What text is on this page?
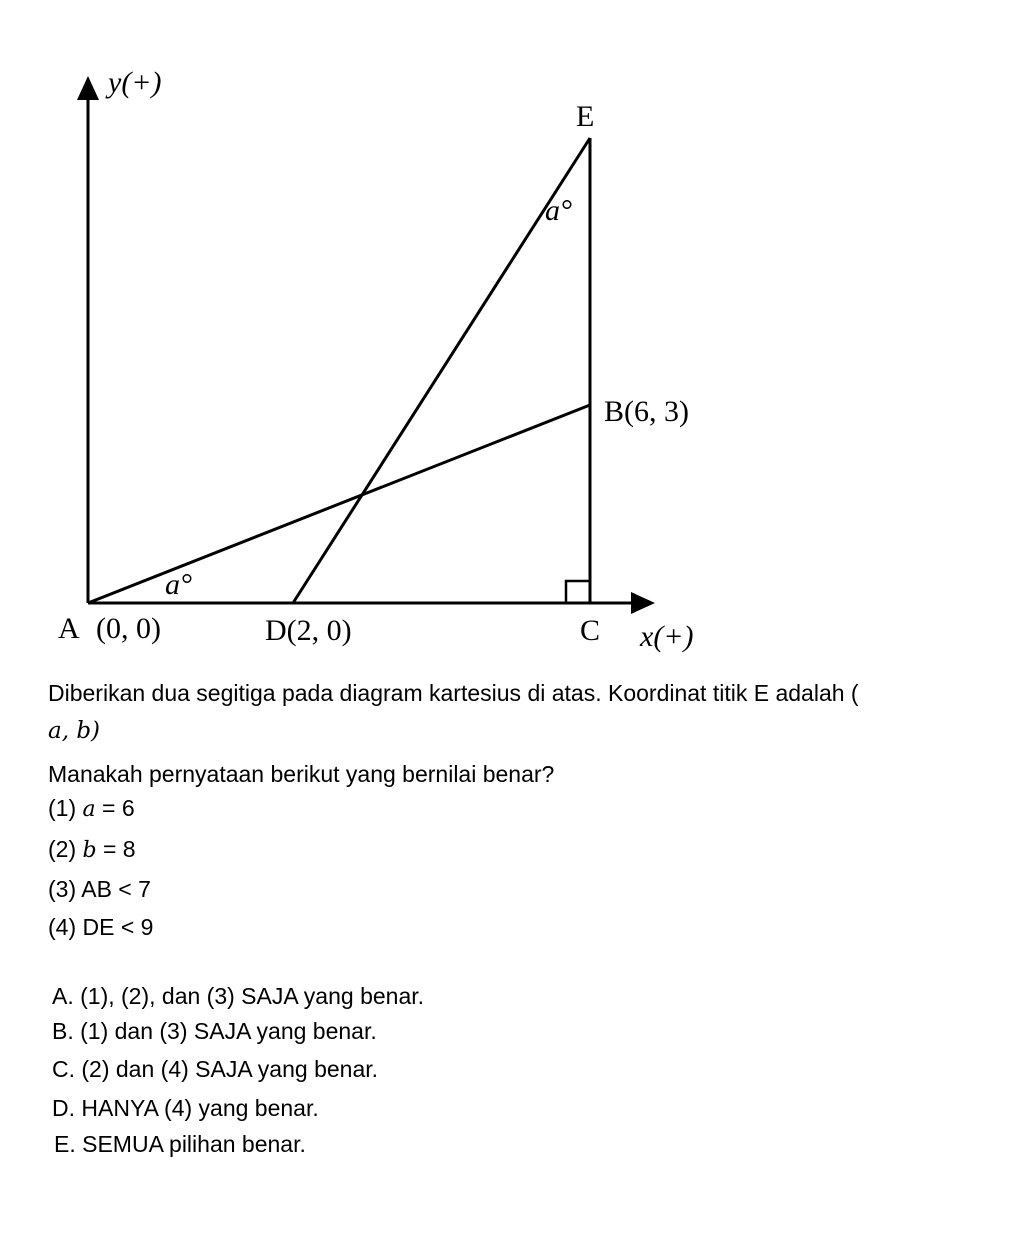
y(+)
x(+)
A (0, 0)	D(2, 0)	C
B(6, 3)
E
a°
a°
Diberikan dua segitiga pada diagram kartesius di atas. Koordinat titik E adalah (
a, b)
Manakah pernyataan berikut yang bernilai benar?
(1) a = 6
(2) b = 8
(3) AB < 7
(4) DE < 9
A. (1), (2), dan (3) SAJA yang benar.
B. (1) dan (3) SAJA yang benar.
C. (2) dan (4) SAJA yang benar.
D. HANYA (4) yang benar.
E. SEMUA pilihan benar.
